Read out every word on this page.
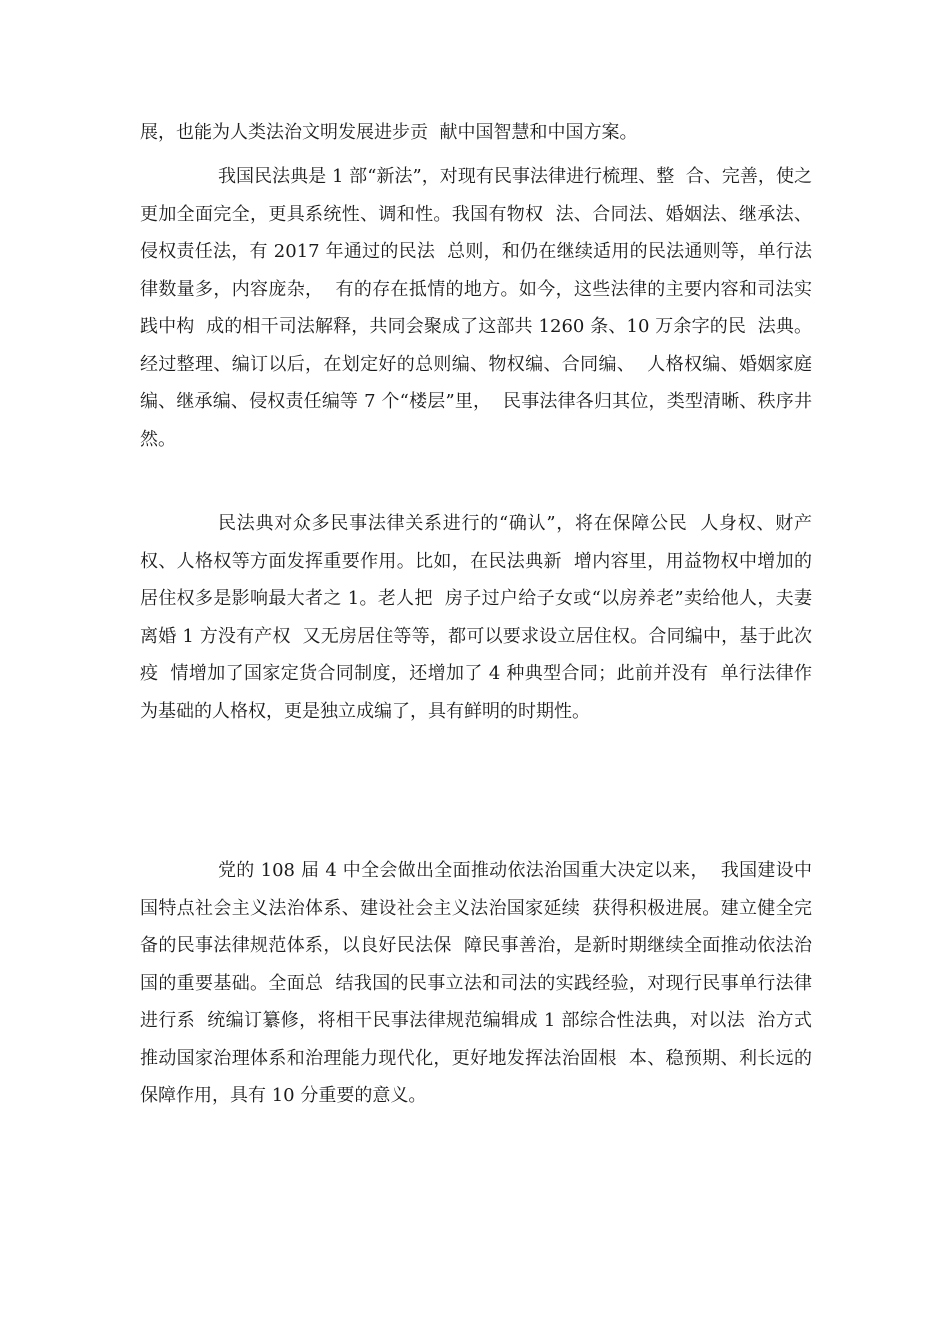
展，也能为人类法治文明发展进步贡  献中国智慧和中国方案。

我国民法典是 1 部“新法”，对现有民事法律进行梳理、整  合、完善，使之更加全面完全，更具系统性、调和性。我国有物权  法、合同法、婚姻法、继承法、侵权责任法，有 2017 年通过的民法  总则，和仍在继续适用的民法通则等，单行法律数量多，内容庞杂，  有的存在抵情的地方。如今，这些法律的主要内容和司法实践中构  成的相干司法解释，共同会聚成了这部共 1260 条、10 万余字的民  法典。经过整理、编订以后，在划定好的总则编、物权编、合同编、  人格权编、婚姻家庭编、继承编、侵权责任编等 7 个“楼层”里，  民事法律各归其位，类型清晰、秩序井然。

民法典对众多民事法律关系进行的“确认”，将在保障公民  人身权、财产权、人格权等方面发挥重要作用。比如，在民法典新  增内容里，用益物权中增加的居住权多是影响最大者之 1。老人把  房子过户给子女或“以房养老”卖给他人，夫妻离婚 1 方没有产权  又无房居住等等，都可以要求设立居住权。合同编中，基于此次疫  情增加了国家定货合同制度，还增加了 4 种典型合同；此前并没有  单行法律作为基础的人格权，更是独立成编了，具有鲜明的时期性。

党的 108 届 4 中全会做出全面推动依法治国重大决定以来，  我国建设中国特点社会主义法治体系、建设社会主义法治国家延续  获得积极进展。建立健全完备的民事法律规范体系，以良好民法保  障民事善治，是新时期继续全面推动依法治国的重要基础。全面总  结我国的民事立法和司法的实践经验，对现行民事单行法律进行系  统编订纂修，将相干民事法律规范编辑成 1 部综合性法典，对以法  治方式推动国家治理体系和治理能力现代化，更好地发挥法治固根  本、稳预期、利长远的保障作用，具有 10 分重要的意义。
